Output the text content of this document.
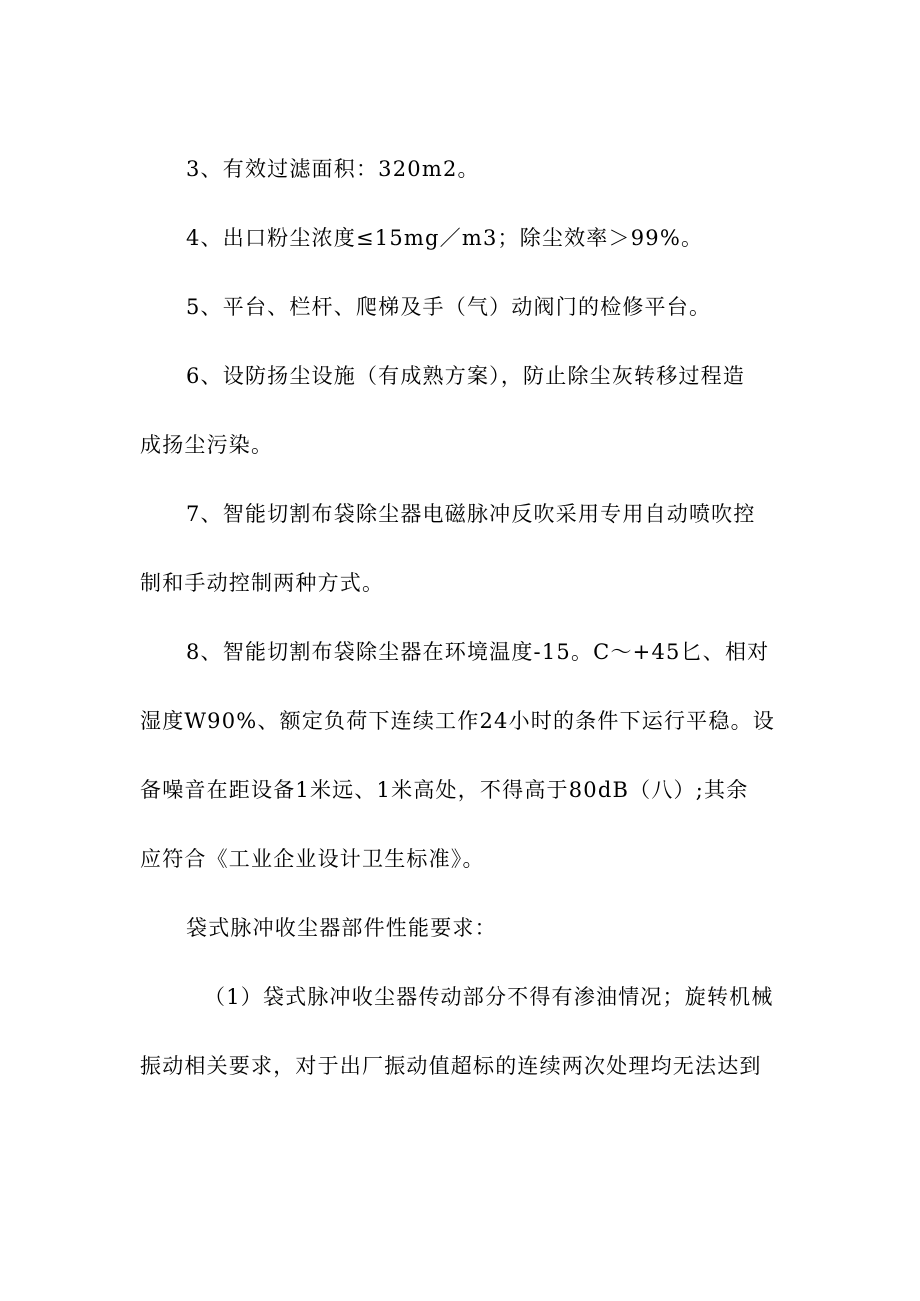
3、有效过滤面积：320m2。

4、出口粉尘浓度≤15mg／m3；除尘效率＞99%。

5、平台、栏杆、爬梯及手（气）动阀门的检修平台。

6、设防扬尘设施（有成熟方案），防止除尘灰转移过程造
成扬尘污染。

7、智能切割布袋除尘器电磁脉冲反吹采用专用自动喷吹控
制和手动控制两种方式。

8、智能切割布袋除尘器在环境温度-15。C～+45匕、相对
湿度W90%、额定负荷下连续工作24小时的条件下运行平稳。设
备噪音在距设备1米远、1米高处，不得高于80dB（八）;其余
应符合《工业企业设计卫生标准》。

袋式脉冲收尘器部件性能要求：

（1）袋式脉冲收尘器传动部分不得有渗油情况；旋转机械
振动相关要求，对于出厂振动值超标的连续两次处理均无法达到
